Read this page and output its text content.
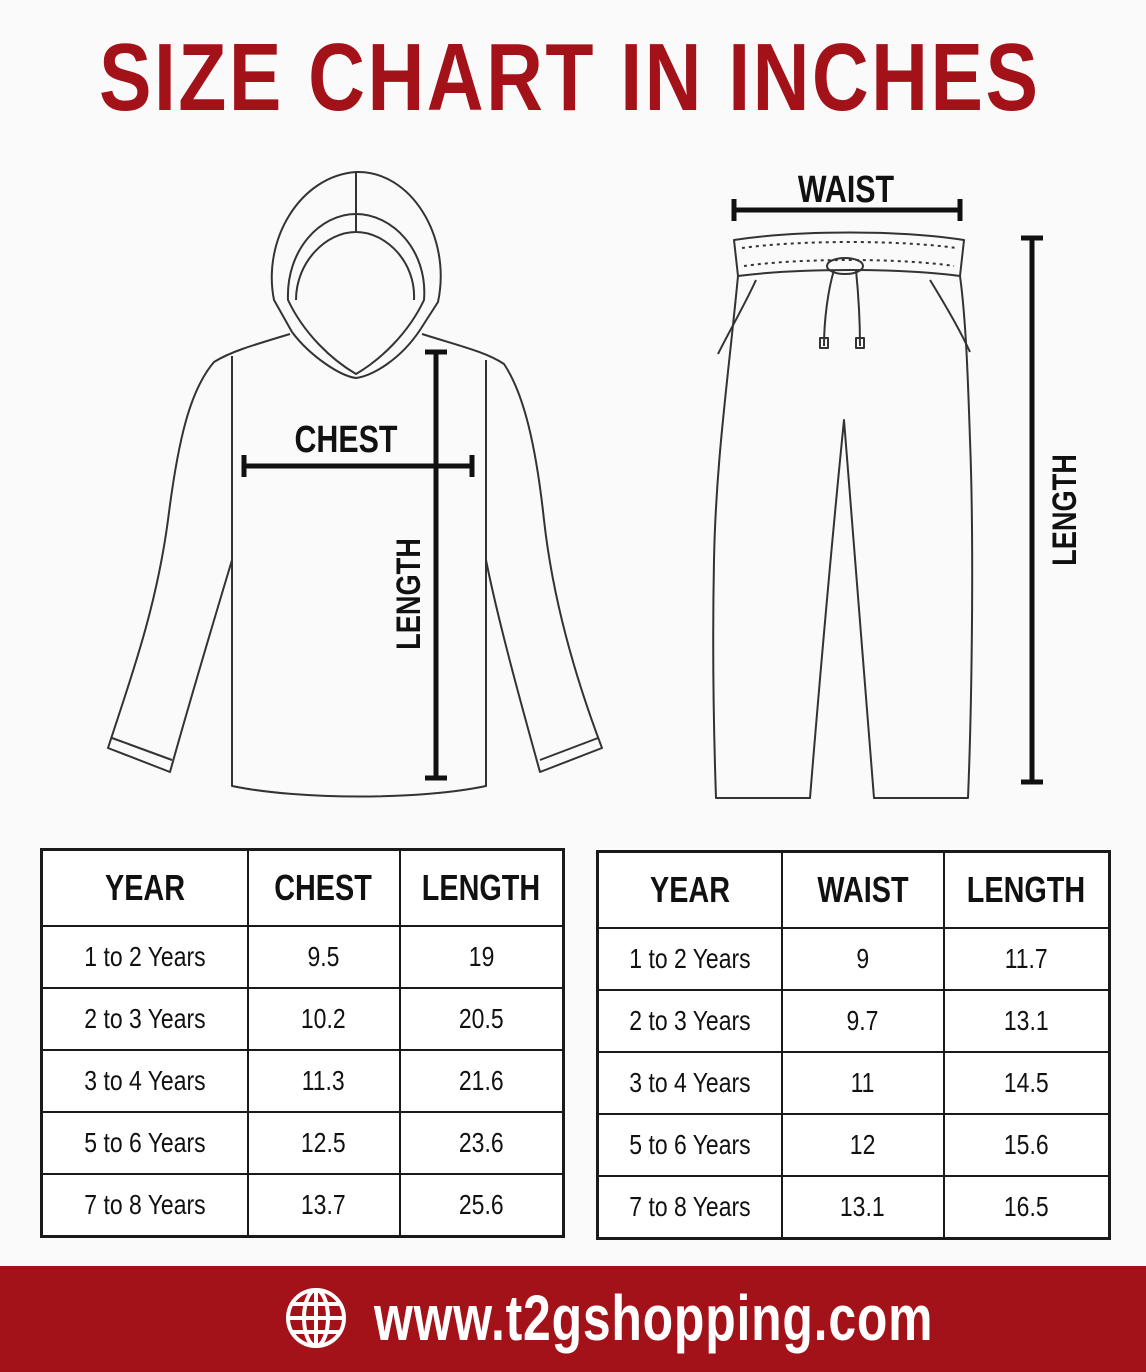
SIZE CHART IN INCHES
CHEST
LENGTH
WAIST
LENGTH
YEAR	CHEST	LENGTH
1 to 2 Years	9.5	19
2 to 3 Years	10.2	20.5
3 to 4 Years	11.3	21.6
5 to 6 Years	12.5	23.6
7 to 8 Years	13.7	25.6
YEAR	WAIST	LENGTH
1 to 2 Years	9	11.7
2 to 3 Years	9.7	13.1
3 to 4 Years	11	14.5
5 to 6 Years	12	15.6
7 to 8 Years	13.1	16.5
www.t2gshopping.com
